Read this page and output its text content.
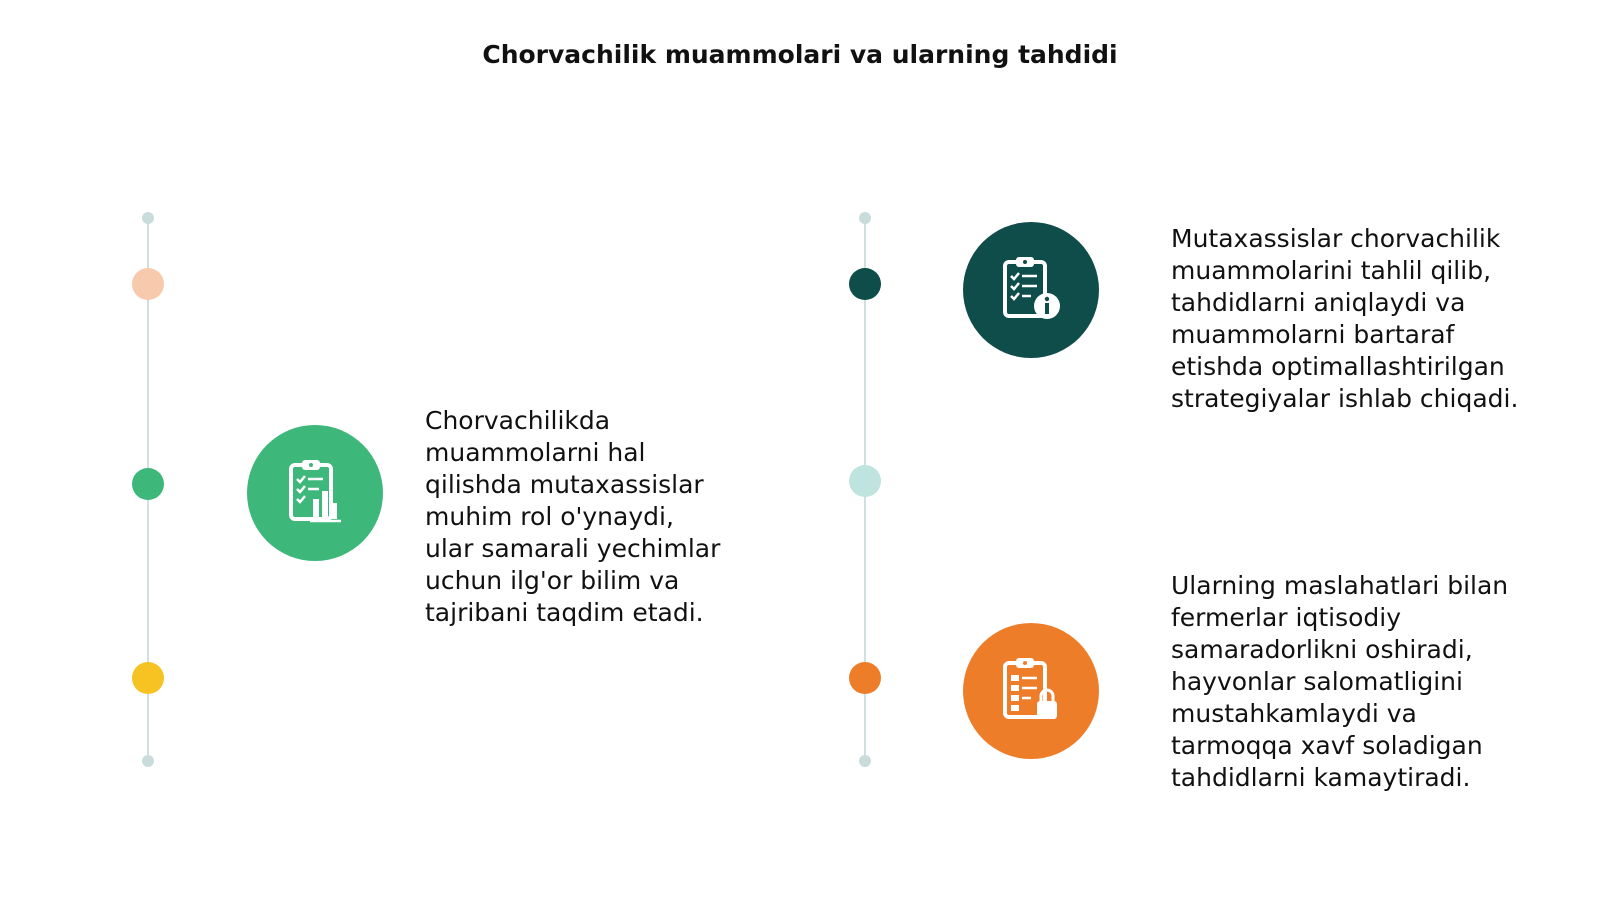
Chorvachilik muammolari va ularning tahdidi
Chorvachilikda
muammolarni hal
qilishda mutaxassislar
muhim rol o'ynaydi,
ular samarali yechimlar
uchun ilg'or bilim va
tajribani taqdim etadi.
Mutaxassislar chorvachilik
muammolarini tahlil qilib,
tahdidlarni aniqlaydi va
muammolarni bartaraf
etishda optimallashtirilgan
strategiyalar ishlab chiqadi.
Ularning maslahatlari bilan
fermerlar iqtisodiy
samaradorlikni oshiradi,
hayvonlar salomatligini
mustahkamlaydi va
tarmoqqa xavf soladigan
tahdidlarni kamaytiradi.
